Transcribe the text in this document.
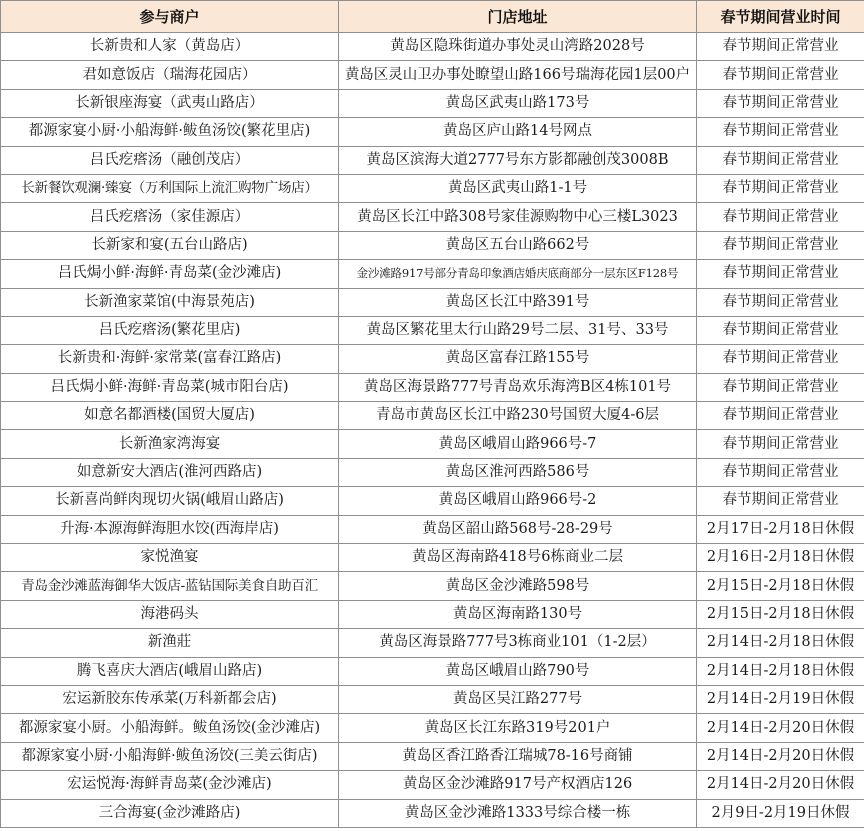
参与商户	门店地址	春节期间营业时间
长新贵和人家（黄岛店）	黄岛区隐珠街道办事处灵山湾路2028号	春节期间正常营业
君如意饭店（瑞海花园店）	黄岛区灵山卫办事处瞭望山路166号瑞海花园1层00户	春节期间正常营业
长新银座海宴（武夷山路店）	黄岛区武夷山路173号	春节期间正常营业
都源家宴小厨·小船海鲜·鲅鱼汤饺(繁花里店)	黄岛区庐山路14号网点	春节期间正常营业
吕氏疙瘩汤（融创茂店）	黄岛区滨海大道2777号东方影都融创茂3008B	春节期间正常营业
长新餐饮观澜·臻宴（万利国际上流汇购物广场店）	黄岛区武夷山路1-1号	春节期间正常营业
吕氏疙瘩汤（家佳源店）	黄岛区长江中路308号家佳源购物中心三楼L3023	春节期间正常营业
长新家和宴(五台山路店)	黄岛区五台山路662号	春节期间正常营业
吕氏焗小鲜·海鲜·青岛菜(金沙滩店)	金沙滩路917号部分青岛印象酒店婚庆底商部分一层东区F128号	春节期间正常营业
长新渔家菜馆(中海景苑店)	黄岛区长江中路391号	春节期间正常营业
吕氏疙瘩汤(繁花里店)	黄岛区繁花里太行山路29号二层、31号、33号	春节期间正常营业
长新贵和·海鲜·家常菜(富春江路店)	黄岛区富春江路155号	春节期间正常营业
吕氏焗小鲜·海鲜·青岛菜(城市阳台店)	黄岛区海景路777号青岛欢乐海湾B区4栋101号	春节期间正常营业
如意名都酒楼(国贸大厦店)	青岛市黄岛区长江中路230号国贸大厦4-6层	春节期间正常营业
长新渔家湾海宴	黄岛区峨眉山路966号-7	春节期间正常营业
如意新安大酒店(淮河西路店)	黄岛区淮河西路586号	春节期间正常营业
长新喜尚鲜肉现切火锅(峨眉山路店)	黄岛区峨眉山路966号-2	春节期间正常营业
升海·本源海鲜海胆水饺(西海岸店)	黄岛区韶山路568号-28-29号	2月17日-2月18日休假
家悦渔宴	黄岛区海南路418号6栋商业二层	2月16日-2月18日休假
青岛金沙滩蓝海御华大饭店-蓝钻国际美食自助百汇	黄岛区金沙滩路598号	2月15日-2月18日休假
海港码头	黄岛区海南路130号	2月15日-2月18日休假
新渔莊	黄岛区海景路777号3栋商业101（1-2层）	2月14日-2月18日休假
腾飞喜庆大酒店(峨眉山路店)	黄岛区峨眉山路790号	2月14日-2月18日休假
宏运新胶东传承菜(万科新都会店)	黄岛区吴江路277号	2月14日-2月19日休假
都源家宴小厨。小船海鲜。鲅鱼汤饺(金沙滩店)	黄岛区长江东路319号201户	2月14日-2月20日休假
都源家宴小厨·小船海鲜·鲅鱼汤饺(三美云街店)	黄岛区香江路香江瑞城78-16号商铺	2月14日-2月20日休假
宏运悦海·海鲜青岛菜(金沙滩店)	黄岛区金沙滩路917号产权酒店126	2月14日-2月20日休假
三合海宴(金沙滩路店)	黄岛区金沙滩路1333号综合楼一栋	2月9日-2月19日休假
